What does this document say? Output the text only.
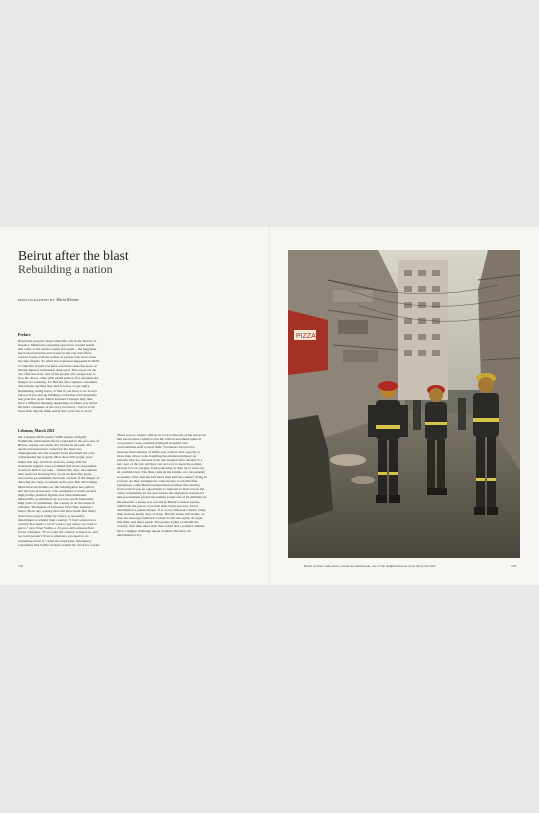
Beirut after the blast
Rebuilding a nation
PHOTOGRAPHED BY Maria Klenner

Preface

Beirut has played a larger-than-life role in the history of mosaics. Numerous repeating eyes have created bonds that come to the surface again and again – the magazine has hosted launches and events in the city and offers contact books with the names of people who have often become friends. So when the explosion happened in 2020, a collective breath was held. And then came the news of friends injured, businesses destroyed. This report on the city after the blast, and of the people who stepped up to face the chaos, came with added pathos. For outsiders the images are sobering, for Beiruts, this captures a moment when many decided they had to leave, or get angry. Rebuilding, being brave, is fine if you have to do it once but not if you end up thinking corruption will repeatedly tear your life apart. Maria Klenner's images may thus have a different meaning depending on where you stand: the mere consumer of the story involved – but for both more than anyone think surely this cycle has to stop?

Lebanon, March 2021

On 4 August 2020, nearly 3,000 tonnes of highly flammable ammonium nitrate exploded in the port area of Beirut, wiping out whole city blocks in seconds. The death and destruction caused by the blast was unimaginable and the hospital in its aftermath but only compounded the tragedy. More than 200 people were killed that day, and their relatives, along with the thousands injured, were promised that those responsible would be held to account – within five days. Documents later surfaced showing that, for more than five years, successive governments had been warned of the danger of allowing the cargo to remain at the port. But did nothing. More than six months on, the investigation has stalled, and the lead prosecutor, who attempted to indict several high-profile political figures, has been dismissed. Meanwhile, as ministers try to score points behind the high walls of parliament, the country is on the brink of collapse. Thousands of Lebanese have fled, seeking a better life in any country that will have them. But many more have stayed, either by choice or necessity, determined to rebuild their country. “I feel Lebanon is a country that needs a lot of work to get where we want to get to,” says Nour Saliba, a 25-year-old Lebanese Red Cross volunteer. “If we want the country to improve, and we want people’s lives to improve, you need to do something about it.” After the explosion, emergency responders like Saliba worked around the clock for weeks.

There was no respite: almost as soon as the last of the survivors had been found, Lebanon was hit with an enormous spike in coronavirus cases, pushing damaged hospitals and overwhelmed staff to their limit. Volunteers have had to increase their number of shifts and, with no bed capacity at more than 40 per cent, handling the emotional impact on patients who are released from one hospital after another is a new part of the job. All they can do is try to keep the patient, already low on oxygen, from panicking as they try to seek out an available bed. The blast came in the middle of a devastating economic crisis that has left more than half the country living in poverty. As they attempted to raise money to rebuild their businesses, some Beirut entrepreneurs realised that starting from scratch was an opportunity to reinvent in their role in the wider community. In the year before the explosion, Lebanon’s anti-government protest movement found one of its emblems in the phoenix: a statue was erected in Beirut’s central square, built from the pieces of protest tents burnt down by forces determined to quash dissent. It is a very different country today than in those heady days of hope. But the statue still stands, as does the message behind it: Lebanon will rise again, stronger this time, and more equal. The people trying to rebuild the country with little more than their talent and a positive attitude have a mighty challenge ahead of them. But they are determined to try.

102
PIZZA
Beirut workers walk down a street in Gemmayzeh, one of the neighbourhoods worst hit by the blast	103
